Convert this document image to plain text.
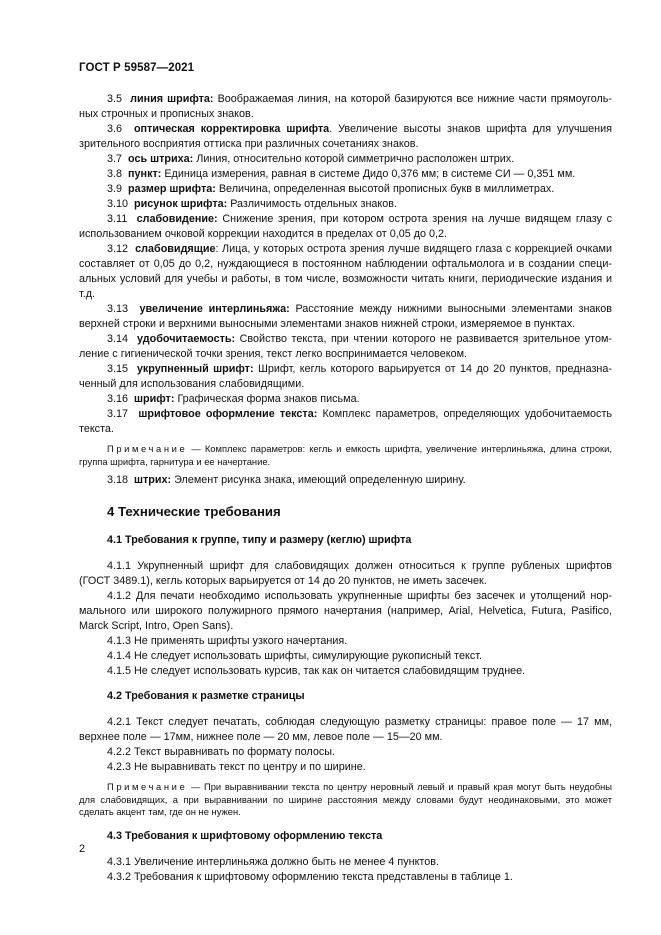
ГОСТ Р 59587—2021

3.5 линия шрифта: Воображаемая линия, на которой базируются все нижние части прямоугольных строчных и прописных знаков.

3.6 оптическая корректировка шрифта. Увеличение высоты знаков шрифта для улучшения зрительного восприятия оттиска при различных сочетаниях знаков.

3.7 ось штриха: Линия, относительно которой симметрично расположен штрих.

3.8 пункт: Единица измерения, равная в системе Дидо 0,376 мм; в системе СИ — 0,351 мм.

3.9 размер шрифта: Величина, определенная высотой прописных букв в миллиметрах.

3.10 рисунок шрифта: Различимость отдельных знаков.

3.11 слабовидение: Снижение зрения, при котором острота зрения на лучше видящем глазу с использованием очковой коррекции находится в пределах от 0,05 до 0,2.

3.12 слабовидящие: Лица, у которых острота зрения лучше видящего глаза с коррекцией очками составляет от 0,05 до 0,2, нуждающиеся в постоянном наблюдении офтальмолога и в создании специальных условий для учебы и работы, в том числе, возможности читать книги, периодические издания и т.д.

3.13 увеличение интерлиньяжа: Расстояние между нижними выносными элементами знаков верхней строки и верхними выносными элементами знаков нижней строки, измеряемое в пунктах.

3.14 удобочитаемость: Свойство текста, при чтении которого не развивается зрительное утомление с гигиенической точки зрения, текст легко воспринимается человеком.

3.15 укрупненный шрифт: Шрифт, кегль которого варьируется от 14 до 20 пунктов, предназначенный для использования слабовидящими.

3.16 шрифт: Графическая форма знаков письма.

3.17 шрифтовое оформление текста: Комплекс параметров, определяющих удобочитаемость текста.

Примечание — Комплекс параметров: кегль и емкость шрифта, увеличение интерлиньяжа, длина строки, группа шрифта, гарнитура и ее начертание.

3.18 штрих: Элемент рисунка знака, имеющий определенную ширину.

4 Технические требования
4.1 Требования к группе, типу и размеру (кеглю) шрифта

4.1.1 Укрупненный шрифт для слабовидящих должен относиться к группе рубленых шрифтов (ГОСТ 3489.1), кегль которых варьируется от 14 до 20 пунктов, не иметь засечек.

4.1.2 Для печати необходимо использовать укрупненные шрифты без засечек и утолщений нормального или широкого полужирного прямого начертания (например, Arial, Helvetica, Futura, Pasifico, Marck Script, Intro, Open Sans).

4.1.3 Не применять шрифты узкого начертания.

4.1.4 Не следует использовать шрифты, симулирующие рукописный текст.

4.1.5 Не следует использовать курсив, так как он читается слабовидящим труднее.

4.2 Требования к разметке страницы

4.2.1 Текст следует печатать, соблюдая следующую разметку страницы: правое поле — 17 мм, верхнее поле — 17мм, нижнее поле — 20 мм, левое поле — 15—20 мм.

4.2.2 Текст выравнивать по формату полосы.

4.2.3 Не выравнивать текст по центру и по ширине.

Примечание — При выравнивании текста по центру неровный левый и правый края могут быть неудобны для слабовидящих, а при выравнивании по ширине расстояния между словами будут неодинаковыми, это может сделать акцент там, где он не нужен.

4.3 Требования к шрифтовому оформлению текста

4.3.1 Увеличение интерлиньяжа должно быть не менее 4 пунктов.

4.3.2 Требования к шрифтовому оформлению текста представлены в таблице 1.

2
